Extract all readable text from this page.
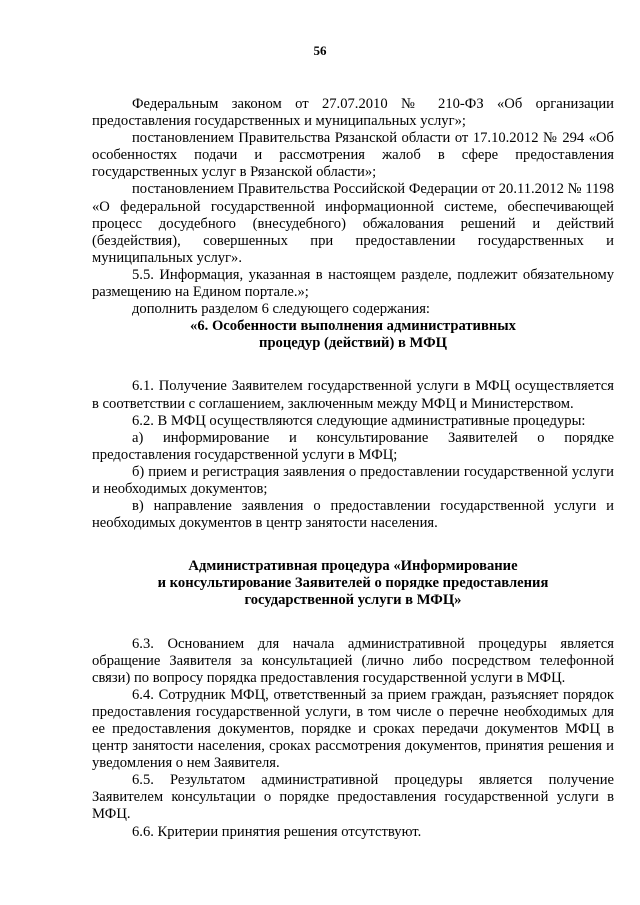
56

Федеральным законом от 27.07.2010 № 210-ФЗ «Об организации предоставления государственных и муниципальных услуг»;

постановлением Правительства Рязанской области от 17.10.2012 № 294 «Об особенностях подачи и рассмотрения жалоб в сфере предоставления государственных услуг в Рязанской области»;

постановлением Правительства Российской Федерации от 20.11.2012 № 1198 «О федеральной государственной информационной системе, обеспечивающей процесс досудебного (внесудебного) обжалования решений и действий (бездействия), совершенных при предоставлении государственных и муниципальных услуг».

5.5. Информация, указанная в настоящем разделе, подлежит обязательному размещению на Едином портале.»;

дополнить разделом 6 следующего содержания:

«6. Особенности выполнения административных

процедур (действий) в МФЦ

6.1. Получение Заявителем государственной услуги в МФЦ осуществляется в соответствии с соглашением, заключенным между МФЦ и Министерством.

6.2. В МФЦ осуществляются следующие административные процедуры:

а) информирование и консультирование Заявителей о порядке предоставления государственной услуги в МФЦ;

б) прием и регистрация заявления о предоставлении государственной услуги и необходимых документов;

в) направление заявления о предоставлении государственной услуги и необходимых документов в центр занятости населения.

Административная процедура «Информирование

и консультирование Заявителей о порядке предоставления

государственной услуги в МФЦ»

6.3. Основанием для начала административной процедуры является обращение Заявителя за консультацией (лично либо посредством телефонной связи) по вопросу порядка предоставления государственной услуги в МФЦ.

6.4. Сотрудник МФЦ, ответственный за прием граждан, разъясняет порядок предоставления государственной услуги, в том числе о перечне необходимых для ее предоставления документов, порядке и сроках передачи документов МФЦ в центр занятости населения, сроках рассмотрения документов, принятия решения и уведомления о нем Заявителя.

6.5. Результатом административной процедуры является получение Заявителем консультации о порядке предоставления государственной услуги в МФЦ.

6.6. Критерии принятия решения отсутствуют.
